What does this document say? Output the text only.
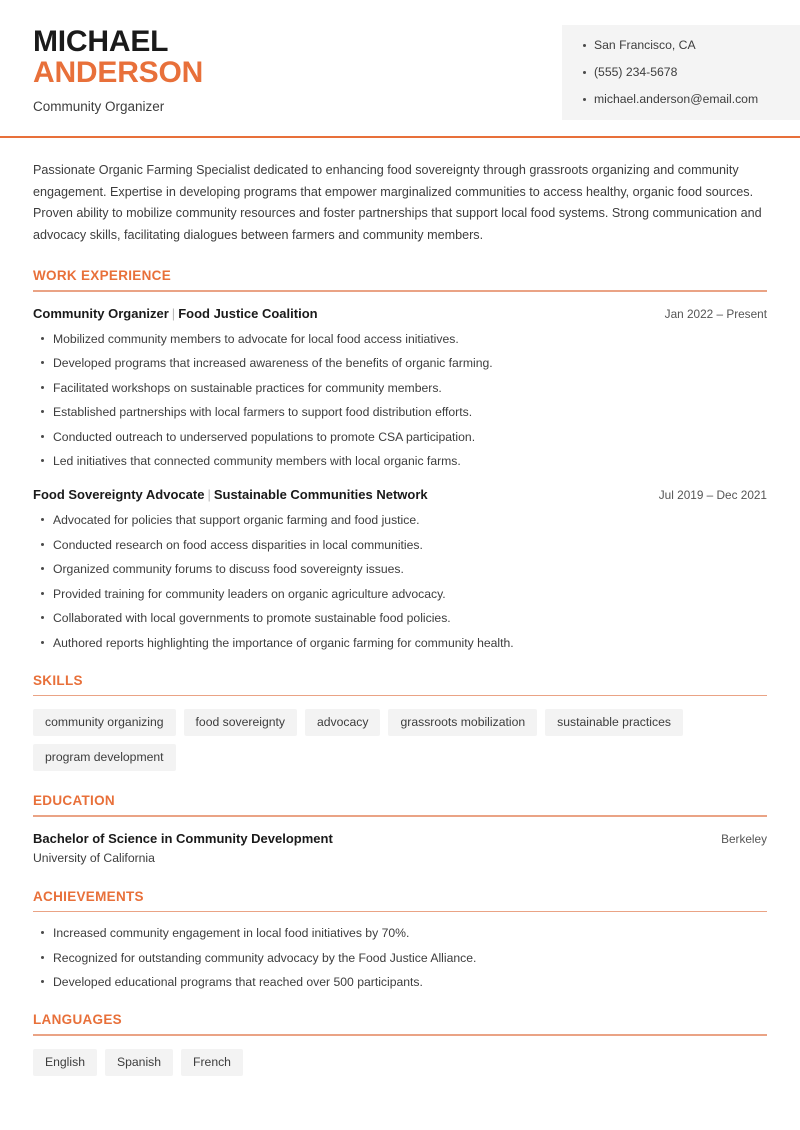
MICHAEL
ANDERSON
Community Organizer
San Francisco, CA
(555) 234-5678
michael.anderson@email.com

Passionate Organic Farming Specialist dedicated to enhancing food sovereignty through grassroots organizing and community engagement. Expertise in developing programs that empower marginalized communities to access healthy, organic food sources. Proven ability to mobilize community resources and foster partnerships that support local food systems. Strong communication and advocacy skills, facilitating dialogues between farmers and community members.

WORK EXPERIENCE
Community Organizer | Food Justice Coalition	Jan 2022 – Present
Mobilized community members to advocate for local food access initiatives.
Developed programs that increased awareness of the benefits of organic farming.
Facilitated workshops on sustainable practices for community members.
Established partnerships with local farmers to support food distribution efforts.
Conducted outreach to underserved populations to promote CSA participation.
Led initiatives that connected community members with local organic farms.
Food Sovereignty Advocate | Sustainable Communities Network	Jul 2019 – Dec 2021
Advocated for policies that support organic farming and food justice.
Conducted research on food access disparities in local communities.
Organized community forums to discuss food sovereignty issues.
Provided training for community leaders on organic agriculture advocacy.
Collaborated with local governments to promote sustainable food policies.
Authored reports highlighting the importance of organic farming for community health.
SKILLS
community organizing	food sovereignty	advocacy	grassroots mobilization	sustainable practices
program development
EDUCATION
Bachelor of Science in Community Development	Berkeley
University of California
ACHIEVEMENTS
Increased community engagement in local food initiatives by 70%.
Recognized for outstanding community advocacy by the Food Justice Alliance.
Developed educational programs that reached over 500 participants.
LANGUAGES
English	Spanish	French
